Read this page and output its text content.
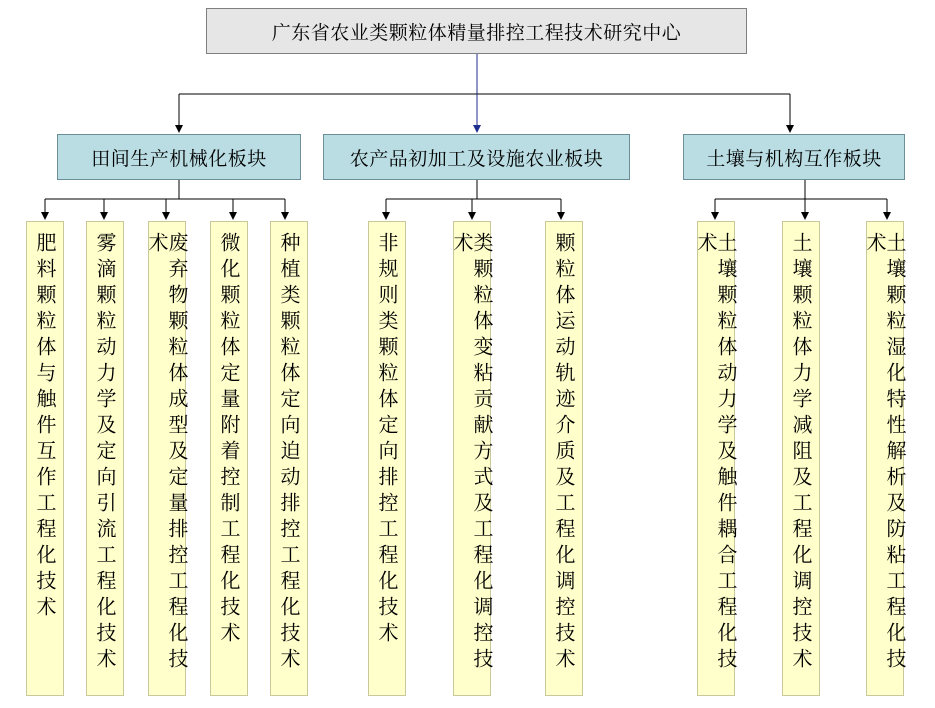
广东省农业类颗粒体精量排控工程技术研究中心
田间生产机械化板块	农产品初加工及设施农业板块	土壤与机构互作板块
肥料颗粒体与触件互作工程化技术 雾滴颗粒动力学及定向引流工程化技术	废弃物颗粒体成型及定量排控工程化技术	微化颗粒体定量附着控制工程化技术 种植类颗粒体定向迫动排控工程化技术	非规则类颗粒体定向排控工程化技术	类颗粒体变粘贡献方式及工程化调控技术	颗粒体运动轨迹介质及工程化调控技术	土壤颗粒体动力学及触件耦合工程化技术	土壤颗粒体力学减阻及工程化调控技术	土壤颗粒湿化特性解析及防粘工程化技术
